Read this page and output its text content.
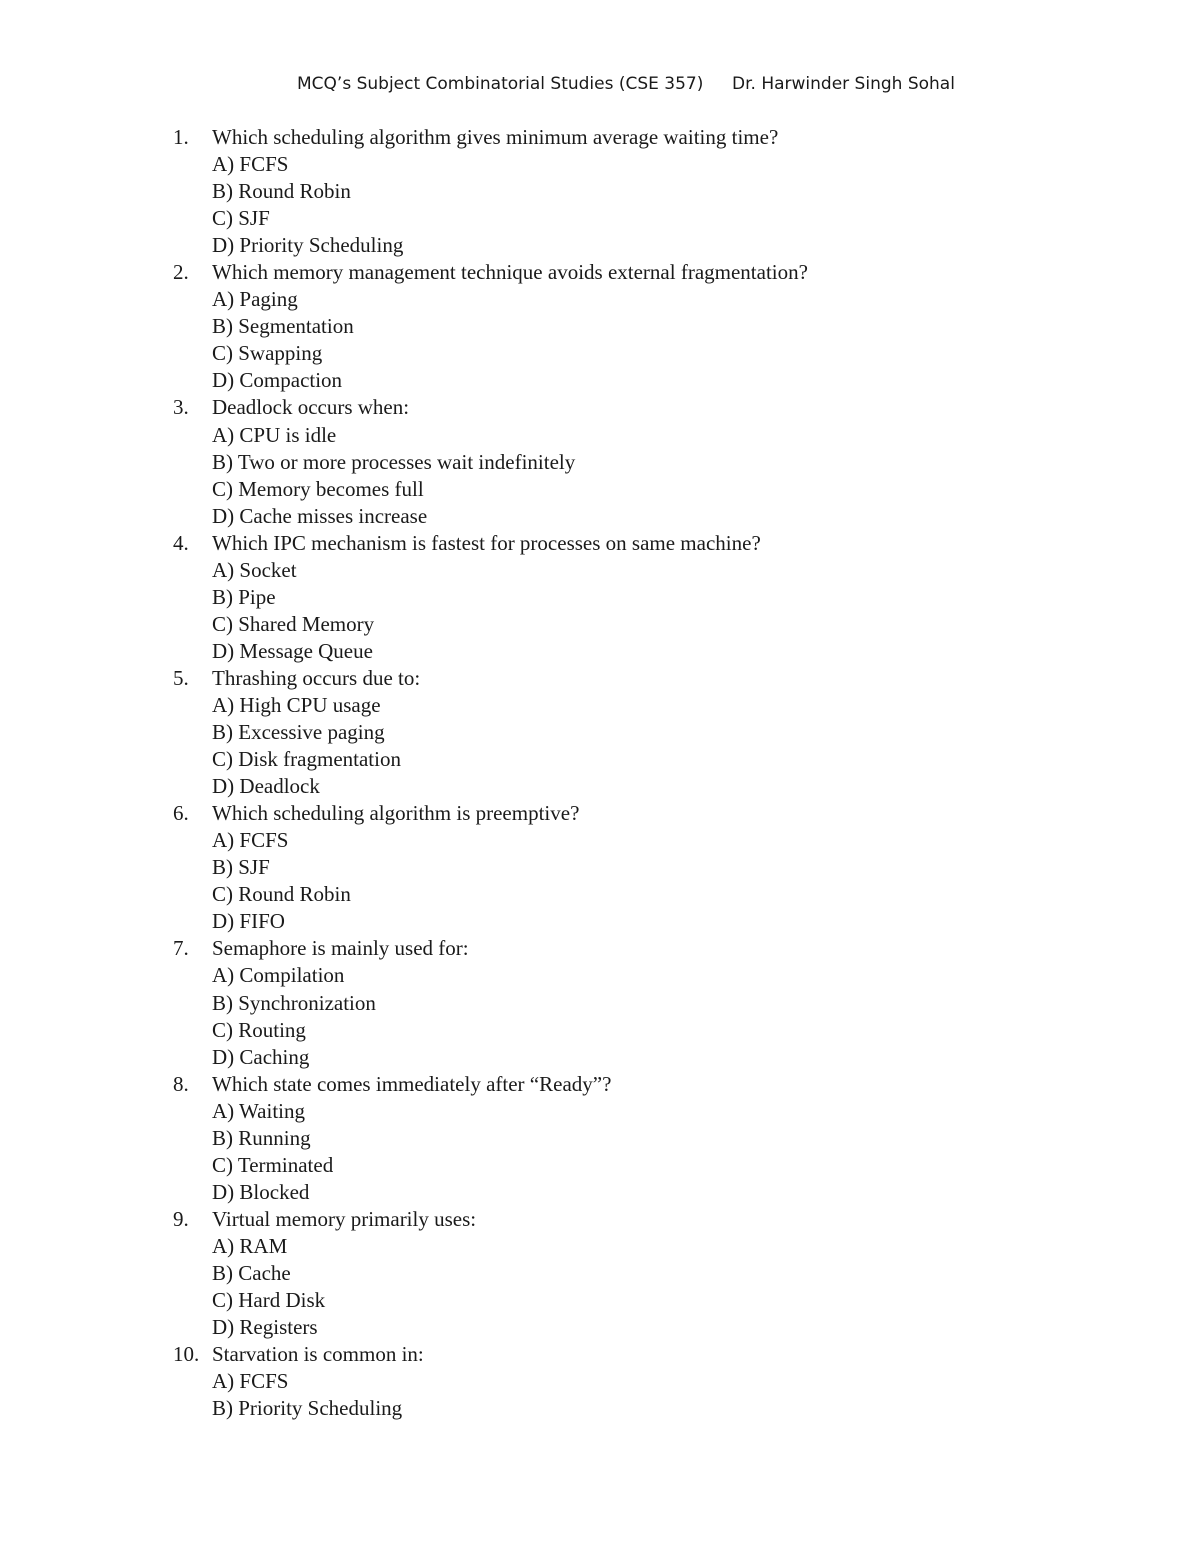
MCQ’s Subject Combinatorial Studies (CSE 357) Dr. Harwinder Singh Sohal
1. Which scheduling algorithm gives minimum average waiting time?
A) FCFS
B) Round Robin
C) SJF
D) Priority Scheduling
2. Which memory management technique avoids external fragmentation?
A) Paging
B) Segmentation
C) Swapping
D) Compaction
3. Deadlock occurs when:
A) CPU is idle
B) Two or more processes wait indefinitely
C) Memory becomes full
D) Cache misses increase
4. Which IPC mechanism is fastest for processes on same machine?
A) Socket
B) Pipe
C) Shared Memory
D) Message Queue
5. Thrashing occurs due to:
A) High CPU usage
B) Excessive paging
C) Disk fragmentation
D) Deadlock
6. Which scheduling algorithm is preemptive?
A) FCFS
B) SJF
C) Round Robin
D) FIFO
7. Semaphore is mainly used for:
A) Compilation
B) Synchronization
C) Routing
D) Caching
8. Which state comes immediately after “Ready”?
A) Waiting
B) Running
C) Terminated
D) Blocked
9. Virtual memory primarily uses:
A) RAM
B) Cache
C) Hard Disk
D) Registers
10. Starvation is common in:
A) FCFS
B) Priority Scheduling
